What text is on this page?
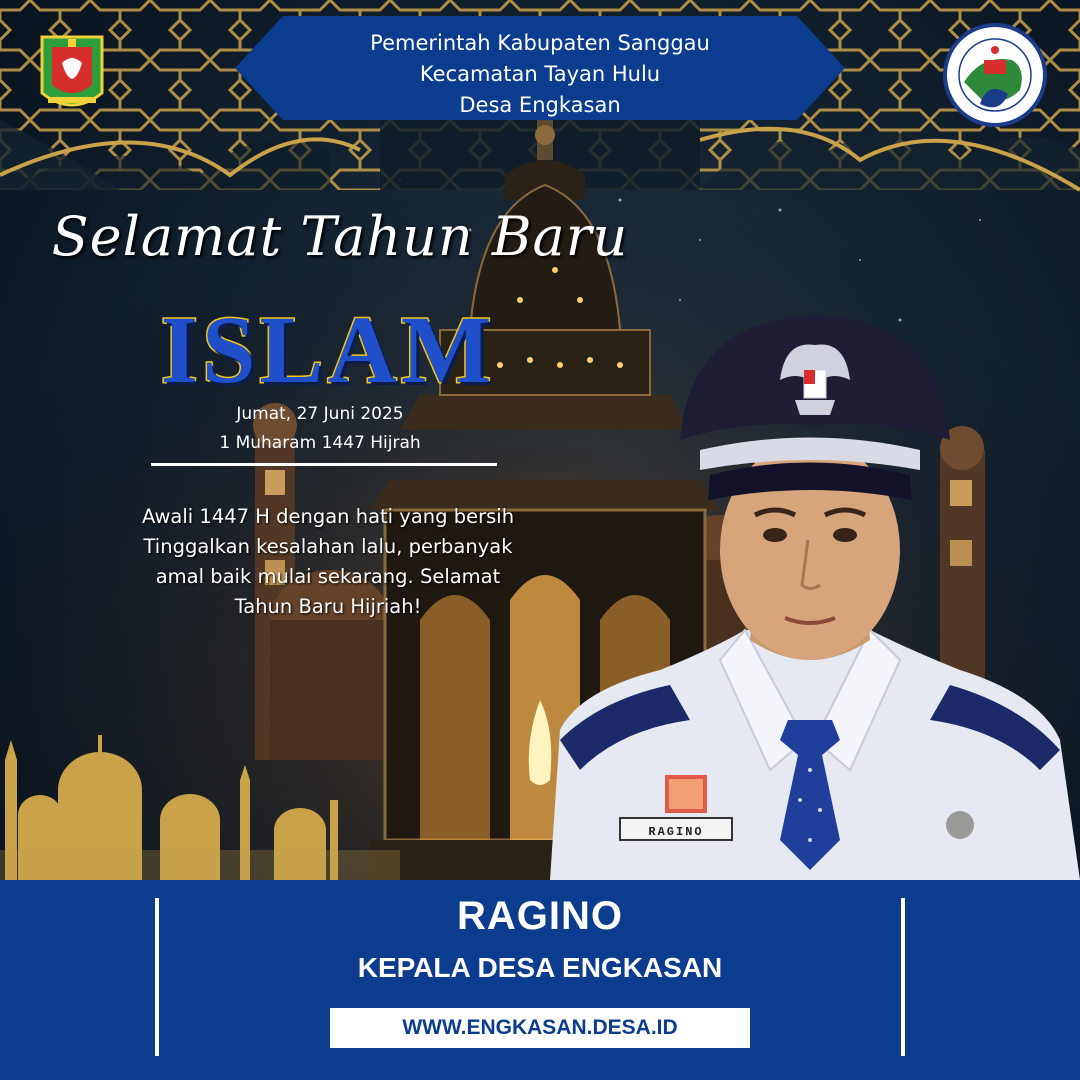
Pemerintah Kabupaten Sanggau
Kecamatan Tayan Hulu
Desa Engkasan
Selamat Tahun Baru
ISLAM
Jumat, 27 Juni 2025
1 Muharam 1447 Hijrah
Awali 1447 H dengan hati yang bersih
Tinggalkan kesalahan lalu, perbanyak
amal baik mulai sekarang. Selamat
Tahun Baru Hijriah!
RAGINO
RAGINO
KEPALA DESA ENGKASAN
WWW.ENGKASAN.DESA.ID
